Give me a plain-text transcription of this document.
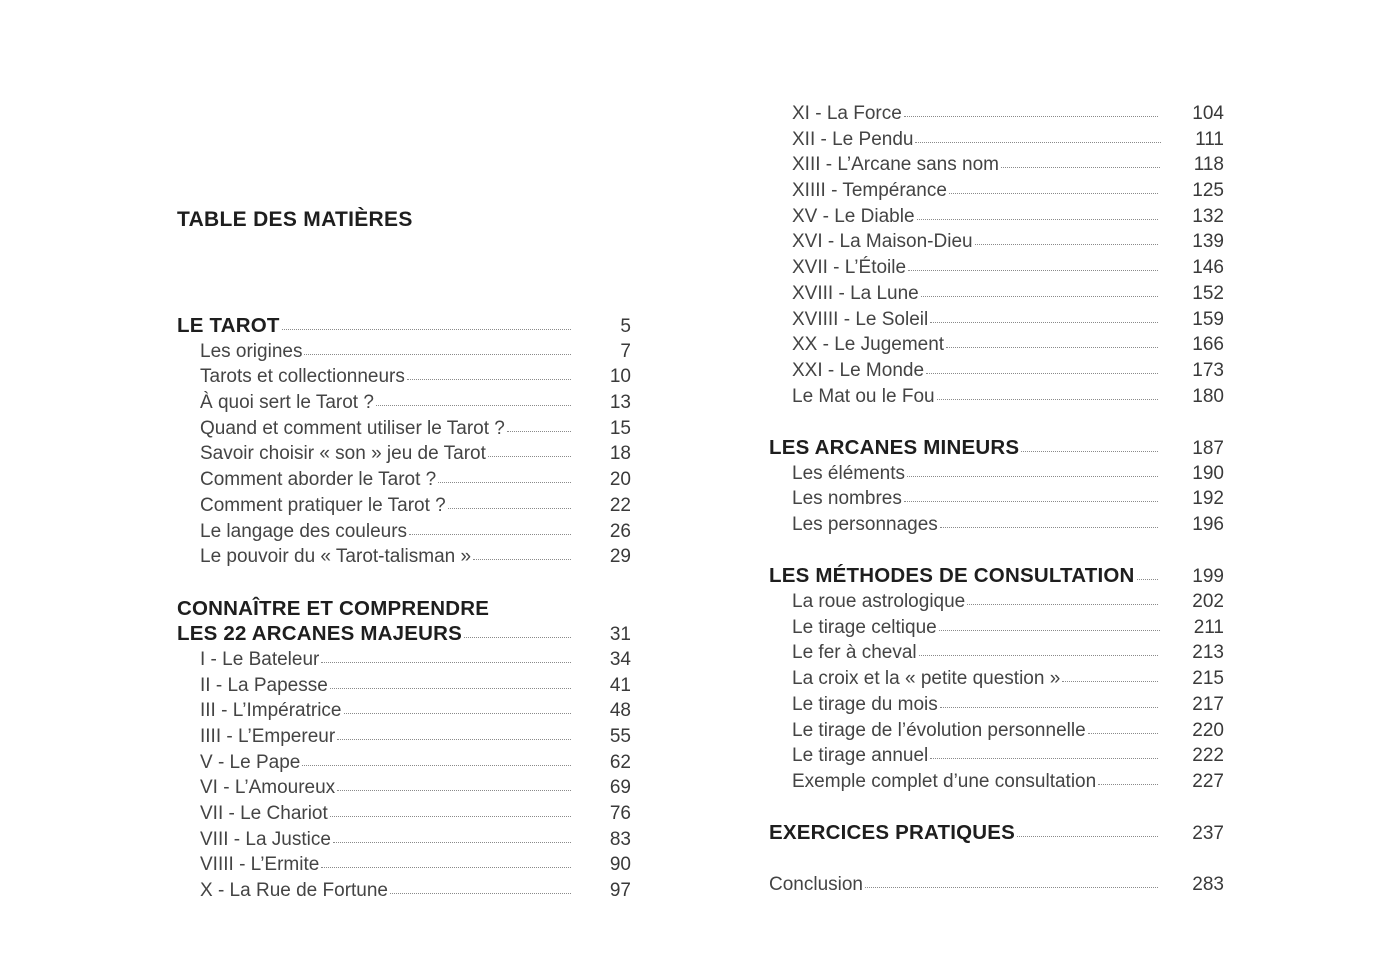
TABLE DES MATIÈRES
LE TAROT	5
Les origines	7
Tarots et collectionneurs	10
À quoi sert le Tarot ?	13
Quand et comment utiliser le Tarot ?	15
Savoir choisir « son » jeu de Tarot	18
Comment aborder le Tarot ?	20
Comment pratiquer le Tarot ?	22
Le langage des couleurs	26
Le pouvoir du « Tarot-talisman »	29
CONNAÎTRE ET COMPRENDRE
LES 22 ARCANES MAJEURS	31
I - Le Bateleur	34
II - La Papesse	41
III - L’Impératrice	48
IIII - L’Empereur	55
V - Le Pape	62
VI - L’Amoureux	69
VII - Le Chariot	76
VIII - La Justice	83
VIIII - L’Ermite	90
X - La Rue de Fortune	97
XI - La Force	104
XII - Le Pendu	111
XIII - L’Arcane sans nom	118
XIIII - Tempérance	125
XV - Le Diable	132
XVI - La Maison-Dieu	139
XVII - L’Étoile	146
XVIII - La Lune	152
XVIIII - Le Soleil	159
XX - Le Jugement	166
XXI - Le Monde	173
Le Mat ou le Fou	180
LES ARCANES MINEURS	187
Les éléments	190
Les nombres	192
Les personnages	196
LES MÉTHODES DE CONSULTATION	199
La roue astrologique	202
Le tirage celtique	211
Le fer à cheval	213
La croix et la « petite question »	215
Le tirage du mois	217
Le tirage de l’évolution personnelle	220
Le tirage annuel	222
Exemple complet d’une consultation	227
EXERCICES PRATIQUES	237
Conclusion	283
